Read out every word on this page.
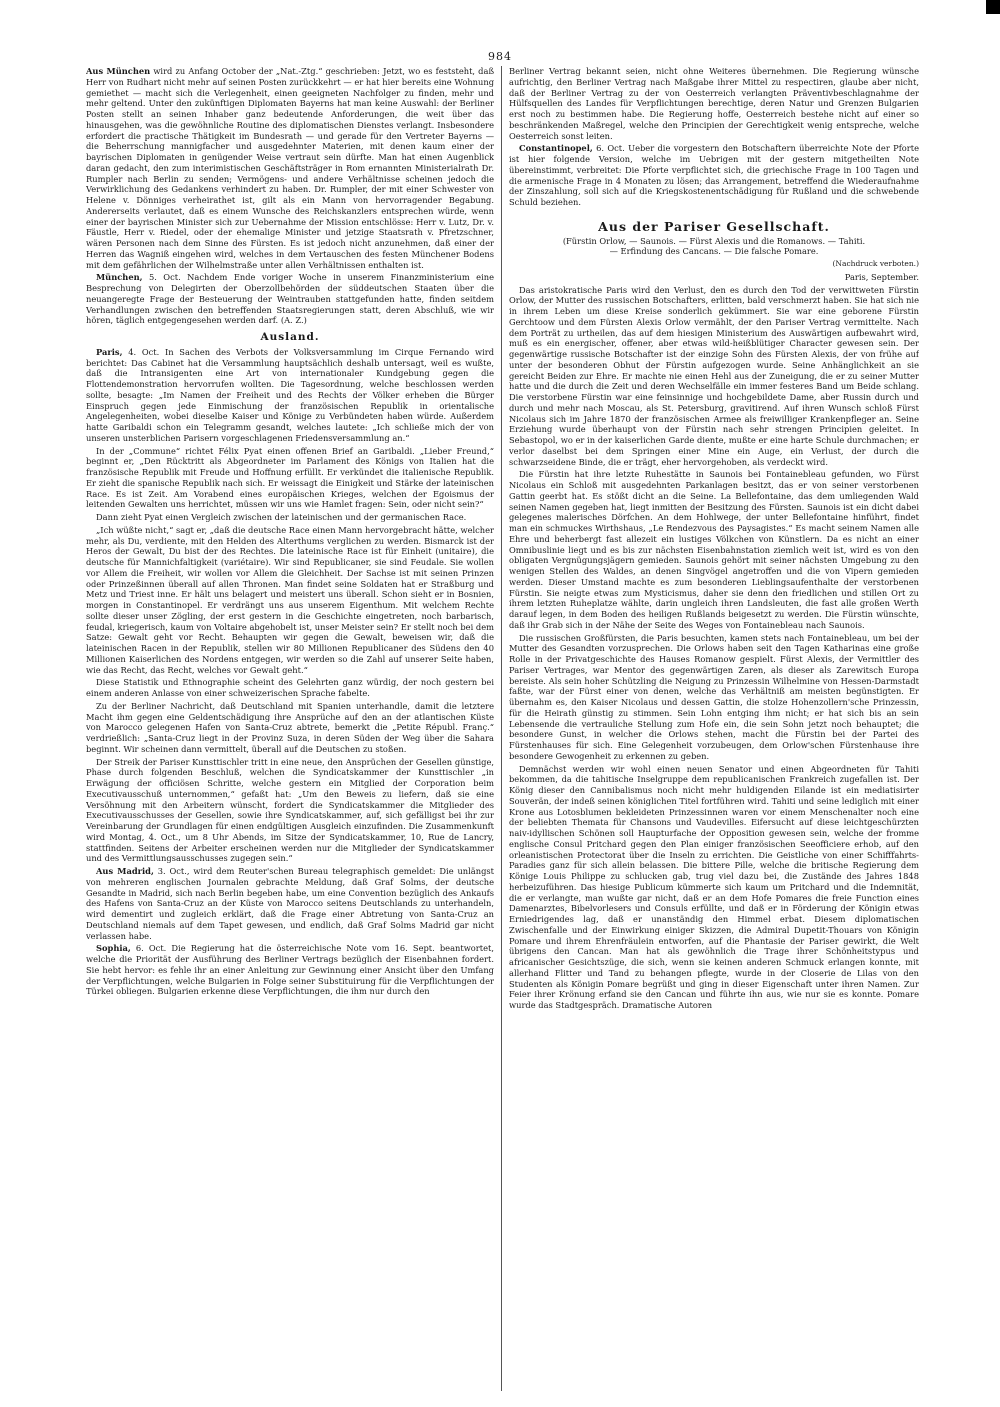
984

Aus München wird zu Anfang October der „Nat.-Ztg.“ geschrieben: Jetzt, wo es feststeht, daß Herr von Rudhart nicht mehr auf seinen Posten zurückkehrt — er hat hier bereits eine Wohnung gemiethet — macht sich die Verlegenheit, einen geeigneten Nachfolger zu finden, mehr und mehr geltend. Unter den zukünftigen Diplomaten Bayerns hat man keine Auswahl: der Berliner Posten stellt an seinen Inhaber ganz bedeutende Anforderungen, die weit über das hinausgehen, was die gewöhnliche Routine des diplomatischen Dienstes verlangt. Insbesondere erfordert die practische Thätigkeit im Bundesrath — und gerade für den Vertreter Bayerns — die Beherrschung mannigfacher und ausgedehnter Materien, mit denen kaum einer der bayrischen Diplomaten in genügender Weise vertraut sein dürfte. Man hat einen Augenblick daran gedacht, den zum interimistischen Geschäftsträger in Rom ernannten Ministerialrath Dr. Rumpler nach Berlin zu senden; Vermögens- und andere Verhältnisse scheinen jedoch die Verwirklichung des Gedankens verhindert zu haben. Dr. Rumpler, der mit einer Schwester von Helene v. Dönniges verheirathet ist, gilt als ein Mann von hervorragender Begabung. Andererseits verlautet, daß es einem Wunsche des Reichskanzlers entsprechen würde, wenn einer der bayrischen Minister sich zur Uebernahme der Mission entschlösse: Herr v. Lutz, Dr. v. Fäustle, Herr v. Riedel, oder der ehemalige Minister und jetzige Staatsrath v. Pfretzschner, wären Personen nach dem Sinne des Fürsten. Es ist jedoch nicht anzunehmen, daß einer der Herren das Wagniß eingehen wird, welches in dem Vertauschen des festen Münchener Bodens mit dem gefährlichen der Wilhelmstraße unter allen Verhältnissen enthalten ist.

München, 5. Oct. Nachdem Ende voriger Woche in unserem Finanzministerium eine Besprechung von Delegirten der Oberzollbehörden der süddeutschen Staaten über die neuangeregte Frage der Besteuerung der Weintrauben stattgefunden hatte, finden seitdem Verhandlungen zwischen den betreffenden Staatsregierungen statt, deren Abschluß, wie wir hören, täglich entgegengesehen werden darf. (A. Z.)

Ausland.

Paris, 4. Oct. In Sachen des Verbots der Volksversammlung im Cirque Fernando wird berichtet: Das Cabinet hat die Versammlung hauptsächlich deshalb untersagt, weil es wußte, daß die Intransigenten eine Art von internationaler Kundgebung gegen die Flottendemonstration hervorrufen wollten. Die Tagesordnung, welche beschlossen werden sollte, besagte: „Im Namen der Freiheit und des Rechts der Völker erheben die Bürger Einspruch gegen jede Einmischung der französischen Republik in orientalische Angelegenheiten, wobei dieselbe Kaiser und Könige zu Verbündeten haben würde. Außerdem hatte Garibaldi schon ein Telegramm gesandt, welches lautete: „Ich schließe mich der von unseren unsterblichen Parisern vorgeschlagenen Friedensversammlung an.“

In der „Commune“ richtet Félix Pyat einen offenen Brief an Garibaldi. „Lieber Freund,“ beginnt er, „Den Rücktritt als Abgeordneter im Parlament des Königs von Italien hat die französische Republik mit Freude und Hoffnung erfüllt. Er verkündet die italienische Republik. Er zieht die spanische Republik nach sich. Er weissagt die Einigkeit und Stärke der lateinischen Race. Es ist Zeit. Am Vorabend eines europäischen Krieges, welchen der Egoismus der leitenden Gewalten uns herrichtet, müssen wir uns wie Hamlet fragen: Sein, oder nicht sein?“

Dann zieht Pyat einen Vergleich zwischen der lateinischen und der germanischen Race.

„Ich wüßte nicht,“ sagt er, „daß die deutsche Race einen Mann hervorgebracht hätte, welcher mehr, als Du, verdiente, mit den Helden des Alterthums verglichen zu werden. Bismarck ist der Heros der Gewalt, Du bist der des Rechtes. Die lateinische Race ist für Einheit (unitaire), die deutsche für Mannichfaltigkeit (variétaire). Wir sind Republicaner, sie sind Feudale. Sie wollen vor Allem die Freiheit, wir wollen vor Allem die Gleichheit. Der Sachse ist mit seinen Prinzen oder Prinzeßinnen überall auf allen Thronen. Man findet seine Soldaten hat er Straßburg und Metz und Triest inne. Er hält uns belagert und meistert uns überall. Schon sieht er in Bosnien, morgen in Constantinopel. Er verdrängt uns aus unserem Eigenthum. Mit welchem Rechte sollte dieser unser Zögling, der erst gestern in die Geschichte eingetreten, noch barbarisch, feudal, kriegerisch, kaum von Voltaire abgehobelt ist, unser Meister sein? Er stellt noch bei dem Satze: Gewalt geht vor Recht. Behaupten wir gegen die Gewalt, beweisen wir, daß die lateinischen Racen in der Republik, stellen wir 80 Millionen Republicaner des Südens den 40 Millionen Kaiserlichen des Nordens entgegen, wir werden so die Zahl auf unserer Seite haben, wie das Recht, das Recht, welches vor Gewalt geht.“

Diese Statistik und Ethnographie scheint des Gelehrten ganz würdig, der noch gestern bei einem anderen Anlasse von einer schweizerischen Sprache fabelte.

Zu der Berliner Nachricht, daß Deutschland mit Spanien unterhandle, damit die letztere Macht ihm gegen eine Geldentschädigung ihre Ansprüche auf den an der atlantischen Küste von Marocco gelegenen Hafen von Santa-Cruz abtrete, bemerkt die „Petite Républ. Franç.“ verdrießlich: „Santa-Cruz liegt in der Provinz Suza, in deren Süden der Weg über die Sahara beginnt. Wir scheinen dann vermittelt, überall auf die Deutschen zu stoßen.

Der Streik der Pariser Kunsttischler tritt in eine neue, den Ansprüchen der Gesellen günstige, Phase durch folgenden Beschluß, welchen die Syndicatskammer der Kunsttischler „in Erwägung der officiösen Schritte, welche gestern ein Mitglied der Corporation beim Executivausschuß unternommen,“ gefaßt hat: „Um den Beweis zu liefern, daß sie eine Versöhnung mit den Arbeitern wünscht, fordert die Syndicatskammer die Mitglieder des Executivausschusses der Gesellen, sowie ihre Syndicatskammer, auf, sich gefälligst bei ihr zur Vereinbarung der Grundlagen für einen endgültigen Ausgleich einzufinden. Die Zusammenkunft wird Montag, 4. Oct., um 8 Uhr Abends, im Sitze der Syndicatskammer, 10, Rue de Lancry, stattfinden. Seitens der Arbeiter erscheinen werden nur die Mitglieder der Syndicatskammer und des Vermittlungsausschusses zugegen sein.“

Aus Madrid, 3. Oct., wird dem Reuter'schen Bureau telegraphisch gemeldet: Die unlängst von mehreren englischen Journalen gebrachte Meldung, daß Graf Solms, der deutsche Gesandte in Madrid, sich nach Berlin begeben habe, um eine Convention bezüglich des Ankaufs des Hafens von Santa-Cruz an der Küste von Marocco seitens Deutschlands zu unterhandeln, wird dementirt und zugleich erklärt, daß die Frage einer Abtretung von Santa-Cruz an Deutschland niemals auf dem Tapet gewesen, und endlich, daß Graf Solms Madrid gar nicht verlassen habe.

Sophia, 6. Oct. Die Regierung hat die österreichische Note vom 16. Sept. beantwortet, welche die Priorität der Ausführung des Berliner Vertrags bezüglich der Eisenbahnen fordert. Sie hebt hervor: es fehle ihr an einer Anleitung zur Gewinnung einer Ansicht über den Umfang der Verpflichtungen, welche Bulgarien in Folge seiner Substituirung für die Verpflichtungen der Türkei obliegen. Bulgarien erkenne diese Verpflichtungen, die ihm nur durch den

Berliner Vertrag bekannt seien, nicht ohne Weiteres übernehmen. Die Regierung wünsche aufrichtig, den Berliner Vertrag nach Maßgabe ihrer Mittel zu respectiren, glaube aber nicht, daß der Berliner Vertrag zu der von Oesterreich verlangten Präventivbeschlagnahme der Hülfsquellen des Landes für Verpflichtungen berechtige, deren Natur und Grenzen Bulgarien erst noch zu bestimmen habe. Die Regierung hoffe, Oesterreich bestehe nicht auf einer so beschränkenden Maßregel, welche den Principien der Gerechtigkeit wenig entspreche, welche Oesterreich sonst leiten.

Constantinopel, 6. Oct. Ueber die vorgestern den Botschaftern überreichte Note der Pforte ist hier folgende Version, welche im Uebrigen mit der gestern mitgetheilten Note übereinstimmt, verbreitet: Die Pforte verpflichtet sich, die griechische Frage in 100 Tagen und die armenische Frage in 4 Monaten zu lösen; das Arrangement, betreffend die Wiederaufnahme der Zinszahlung, soll sich auf die Kriegskostenentschädigung für Rußland und die schwebende Schuld beziehen.

Aus der Pariser Gesellschaft.
(Fürstin Orlow, — Saunois. — Fürst Alexis und die Romanows. — Tahiti.
— Erfindung des Cancans. — Die falsche Pomare.
(Nachdruck verboten.)
Paris, September.

Das aristokratische Paris wird den Verlust, den es durch den Tod der verwittweten Fürstin Orlow, der Mutter des russischen Botschafters, erlitten, bald verschmerzt haben. Sie hat sich nie in ihrem Leben um diese Kreise sonderlich gekümmert. Sie war eine geborene Fürstin Gerchtoow und dem Fürsten Alexis Orlow vermählt, der den Pariser Vertrag vermittelte. Nach dem Porträt zu urtheilen, das auf dem hiesigen Ministerium des Auswärtigen aufbewahrt wird, muß es ein energischer, offener, aber etwas wild-heißblütiger Character gewesen sein. Der gegenwärtige russische Botschafter ist der einzige Sohn des Fürsten Alexis, der von frühe auf unter der besonderen Obhut der Fürstin aufgezogen wurde. Seine Anhänglichkeit an sie gereicht Beiden zur Ehre. Er machte nie einen Hehl aus der Zuneigung, die er zu seiner Mutter hatte und die durch die Zeit und deren Wechselfälle ein immer festeres Band um Beide schlang. Die verstorbene Fürstin war eine feinsinnige und hochgebildete Dame, aber Russin durch und durch und mehr nach Moscau, als St. Petersburg, gravitirend. Auf ihren Wunsch schloß Fürst Nicolaus sich im Jahre 1870 der französischen Armee als freiwilliger Krankenpfleger an. Seine Erziehung wurde überhaupt von der Fürstin nach sehr strengen Principien geleitet. In Sebastopol, wo er in der kaiserlichen Garde diente, mußte er eine harte Schule durchmachen; er verlor daselbst bei dem Springen einer Mine ein Auge, ein Verlust, der durch die schwarzseidene Binde, die er trägt, eher hervorgehoben, als verdeckt wird.

Die Fürstin hat ihre letzte Ruhestätte in Saunois bei Fontainebleau gefunden, wo Fürst Nicolaus ein Schloß mit ausgedehnten Parkanlagen besitzt, das er von seiner verstorbenen Gattin geerbt hat. Es stößt dicht an die Seine. La Bellefontaine, das dem umliegenden Wald seinen Namen gegeben hat, liegt inmitten der Besitzung des Fürsten. Saunois ist ein dicht dabei gelegenes malerisches Dörfchen. An dem Hohlwege, der unter Bellefontaine hinführt, findet man ein schmuckes Wirthshaus, „Le Rendezvous des Paysagistes.“ Es macht seinem Namen alle Ehre und beherbergt fast allezeit ein lustiges Völkchen von Künstlern. Da es nicht an einer Omnibuslinie liegt und es bis zur nächsten Eisenbahnstation ziemlich weit ist, wird es von den obligaten Vergnügungsjägern gemieden. Saunois gehört mit seiner nächsten Umgebung zu den wenigen Stellen des Waldes, an denen Singvögel angetroffen und die von Vipern gemieden werden. Dieser Umstand machte es zum besonderen Lieblingsaufenthalte der verstorbenen Fürstin. Sie neigte etwas zum Mysticismus, daher sie denn den friedlichen und stillen Ort zu ihrem letzten Ruheplatze wählte, darin ungleich ihren Landsleuten, die fast alle großen Werth darauf legen, in dem Boden des heiligen Rußlands beigesetzt zu werden. Die Fürstin wünschte, daß ihr Grab sich in der Nähe der Seite des Weges von Fontainebleau nach Saunois.

Die russischen Großfürsten, die Paris besuchten, kamen stets nach Fontainebleau, um bei der Mutter des Gesandten vorzusprechen. Die Orlows haben seit den Tagen Katharinas eine große Rolle in der Privatgeschichte des Hauses Romanow gespielt. Fürst Alexis, der Vermittler des Pariser Vertrages, war Mentor des gegenwärtigen Zaren, als dieser als Zarewitsch Europa bereiste. Als sein hoher Schützling die Neigung zu Prinzessin Wilhelmine von Hessen-Darmstadt faßte, war der Fürst einer von denen, welche das Verhältniß am meisten begünstigten. Er übernahm es, den Kaiser Nicolaus und dessen Gattin, die stolze Hohenzollern'sche Prinzessin, für die Heirath günstig zu stimmen. Sein Lohn entging ihm nicht; er hat sich bis an sein Lebensende die vertrauliche Stellung zum Hofe ein, die sein Sohn jetzt noch behauptet; die besondere Gunst, in welcher die Orlows stehen, macht die Fürstin bei der Partei des Fürstenhauses für sich. Eine Gelegenheit vorzubeugen, dem Orlow'schen Fürstenhause ihre besondere Gewogenheit zu erkennen zu geben.

Demnächst werden wir wohl einen neuen Senator und einen Abgeordneten für Tahiti bekommen, da die tahitische Inselgruppe dem republicanischen Frankreich zugefallen ist. Der König dieser den Cannibalismus noch nicht mehr huldigenden Eilande ist ein mediatisirter Souverän, der indeß seinen königlichen Titel fortführen wird. Tahiti und seine lediglich mit einer Krone aus Lotosblumen bekleideten Prinzessinnen waren vor einem Menschenalter noch eine der beliebten Themata für Chansons und Vaudevilles. Eifersucht auf diese leichtgeschürzten naiv-idyllischen Schönen soll Haupturfache der Opposition gewesen sein, welche der fromme englische Consul Pritchard gegen den Plan einiger französischen Seeofficiere erhob, auf den orleanistischen Protectorat über die Inseln zu errichten. Die Geistliche von einer Schifffahrts-Paradies ganz für sich allein belassen. Die bittere Pille, welche die britische Regierung dem Könige Louis Philippe zu schlucken gab, trug viel dazu bei, die Zustände des Jahres 1848 herbeizuführen. Das hiesige Publicum kümmerte sich kaum um Pritchard und die Indemnität, die er verlangte, man wußte gar nicht, daß er an dem Hofe Pomares die freie Function eines Damenarztes, Bibelvorlesers und Consuls erfüllte, und daß er in Förderung der Königin etwas Erniedrigendes lag, daß er unanständig den Himmel erbat. Diesem diplomatischen Zwischenfalle und der Einwirkung einiger Skizzen, die Admiral Dupetit-Thouars von Königin Pomare und ihrem Ehrenfräulein entworfen, auf die Phantasie der Pariser gewirkt, die Welt übrigens den Cancan. Man hat als gewöhnlich die Trage ihrer Schönheitstypus und africanischer Gesichtszüge, die sich, wenn sie keinen anderen Schmuck erlangen konnte, mit allerhand Flitter und Tand zu behangen pflegte, wurde in der Closerie de Lilas von den Studenten als Königin Pomare begrüßt und ging in dieser Eigenschaft unter ihren Namen. Zur Feier ihrer Krönung erfand sie den Cancan und führte ihn aus, wie nur sie es konnte. Pomare wurde das Stadtgespräch. Dramatische Autoren
